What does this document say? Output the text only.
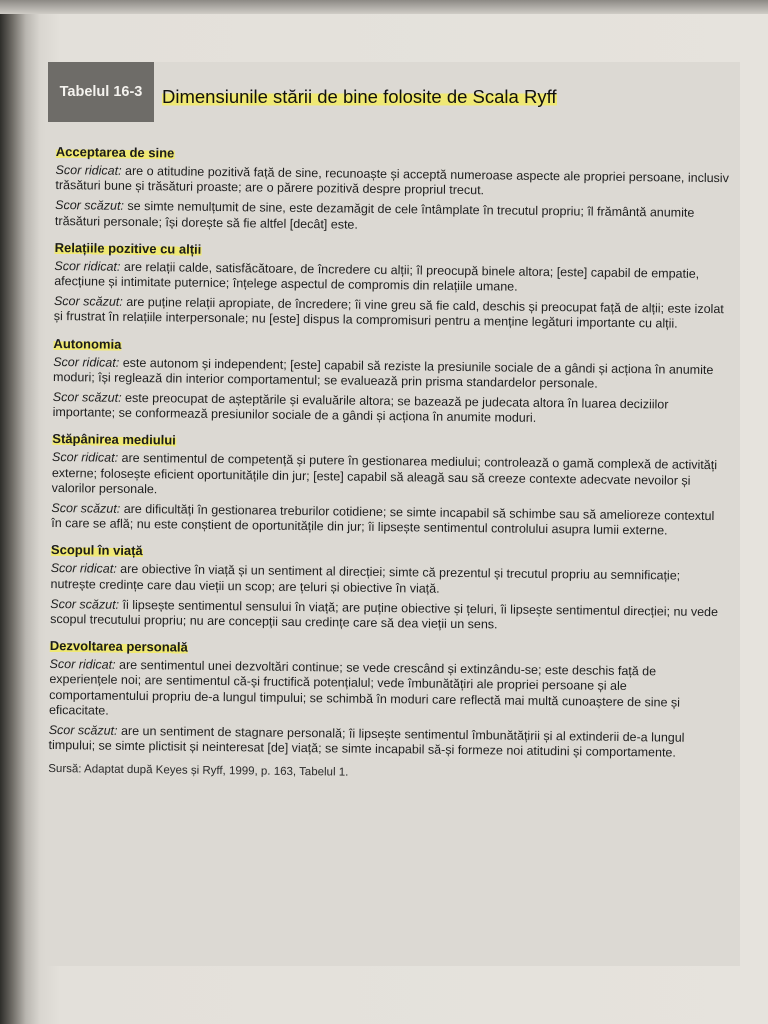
Tabelul 16-3	Dimensiunile stării de bine folosite de Scala Ryff
Acceptarea de sine

Scor ridicat: are o atitudine pozitivă față de sine, recunoaște și acceptă numeroase aspecte ale propriei persoane, inclusiv trăsături bune și trăsături proaste; are o părere pozitivă despre propriul trecut.

Scor scăzut: se simte nemulțumit de sine, este dezamăgit de cele întâmplate în trecutul propriu; îl frământă anumite trăsături personale; își dorește să fie altfel [decât] este.

Relațiile pozitive cu alții

Scor ridicat: are relații calde, satisfăcătoare, de încredere cu alții; îl preocupă binele altora; [este] capabil de empatie, afecțiune și intimitate puternice; înțelege aspectul de compromis din relațiile umane.

Scor scăzut: are puține relații apropiate, de încredere; îi vine greu să fie cald, deschis și preocupat față de alții; este izolat și frustrat în relațiile interpersonale; nu [este] dispus la compromisuri pentru a menține legături importante cu alții.

Autonomia

Scor ridicat: este autonom și independent; [este] capabil să reziste la presiunile sociale de a gândi și acționa în anumite moduri; își reglează din interior comportamentul; se evaluează prin prisma standardelor personale.

Scor scăzut: este preocupat de așteptările și evaluările altora; se bazează pe judecata altora în luarea deciziilor importante; se conformează presiunilor sociale de a gândi și acționa în anumite moduri.

Stăpânirea mediului

Scor ridicat: are sentimentul de competență și putere în gestionarea mediului; controlează o gamă complexă de activități externe; folosește eficient oportunitățile din jur; [este] capabil să aleagă sau să creeze contexte adecvate nevoilor și valorilor personale.

Scor scăzut: are dificultăți în gestionarea treburilor cotidiene; se simte incapabil să schimbe sau să amelioreze contextul în care se află; nu este conștient de oportunitățile din jur; îi lipsește sentimentul controlului asupra lumii externe.

Scopul în viață

Scor ridicat: are obiective în viață și un sentiment al direcției; simte că prezentul și trecutul propriu au semnificație; nutrește credințe care dau vieții un scop; are țeluri și obiective în viață.

Scor scăzut: îi lipsește sentimentul sensului în viață; are puține obiective și țeluri, îi lipsește sentimentul direcției; nu vede scopul trecutului propriu; nu are concepții sau credințe care să dea vieții un sens.

Dezvoltarea personală

Scor ridicat: are sentimentul unei dezvoltări continue; se vede crescând și extinzându-se; este deschis față de experiențele noi; are sentimentul că-și fructifică potențialul; vede îmbunătățiri ale propriei persoane și ale comportamentului propriu de-a lungul timpului; se schimbă în moduri care reflectă mai multă cunoaștere de sine și eficacitate.

Scor scăzut: are un sentiment de stagnare personală; îi lipsește sentimentul îmbunătățirii și al extinderii de-a lungul timpului; se simte plictisit și neinteresat [de] viață; se simte incapabil să-și formeze noi atitudini și comportamente.

Sursă: Adaptat după Keyes și Ryff, 1999, p. 163, Tabelul 1.
